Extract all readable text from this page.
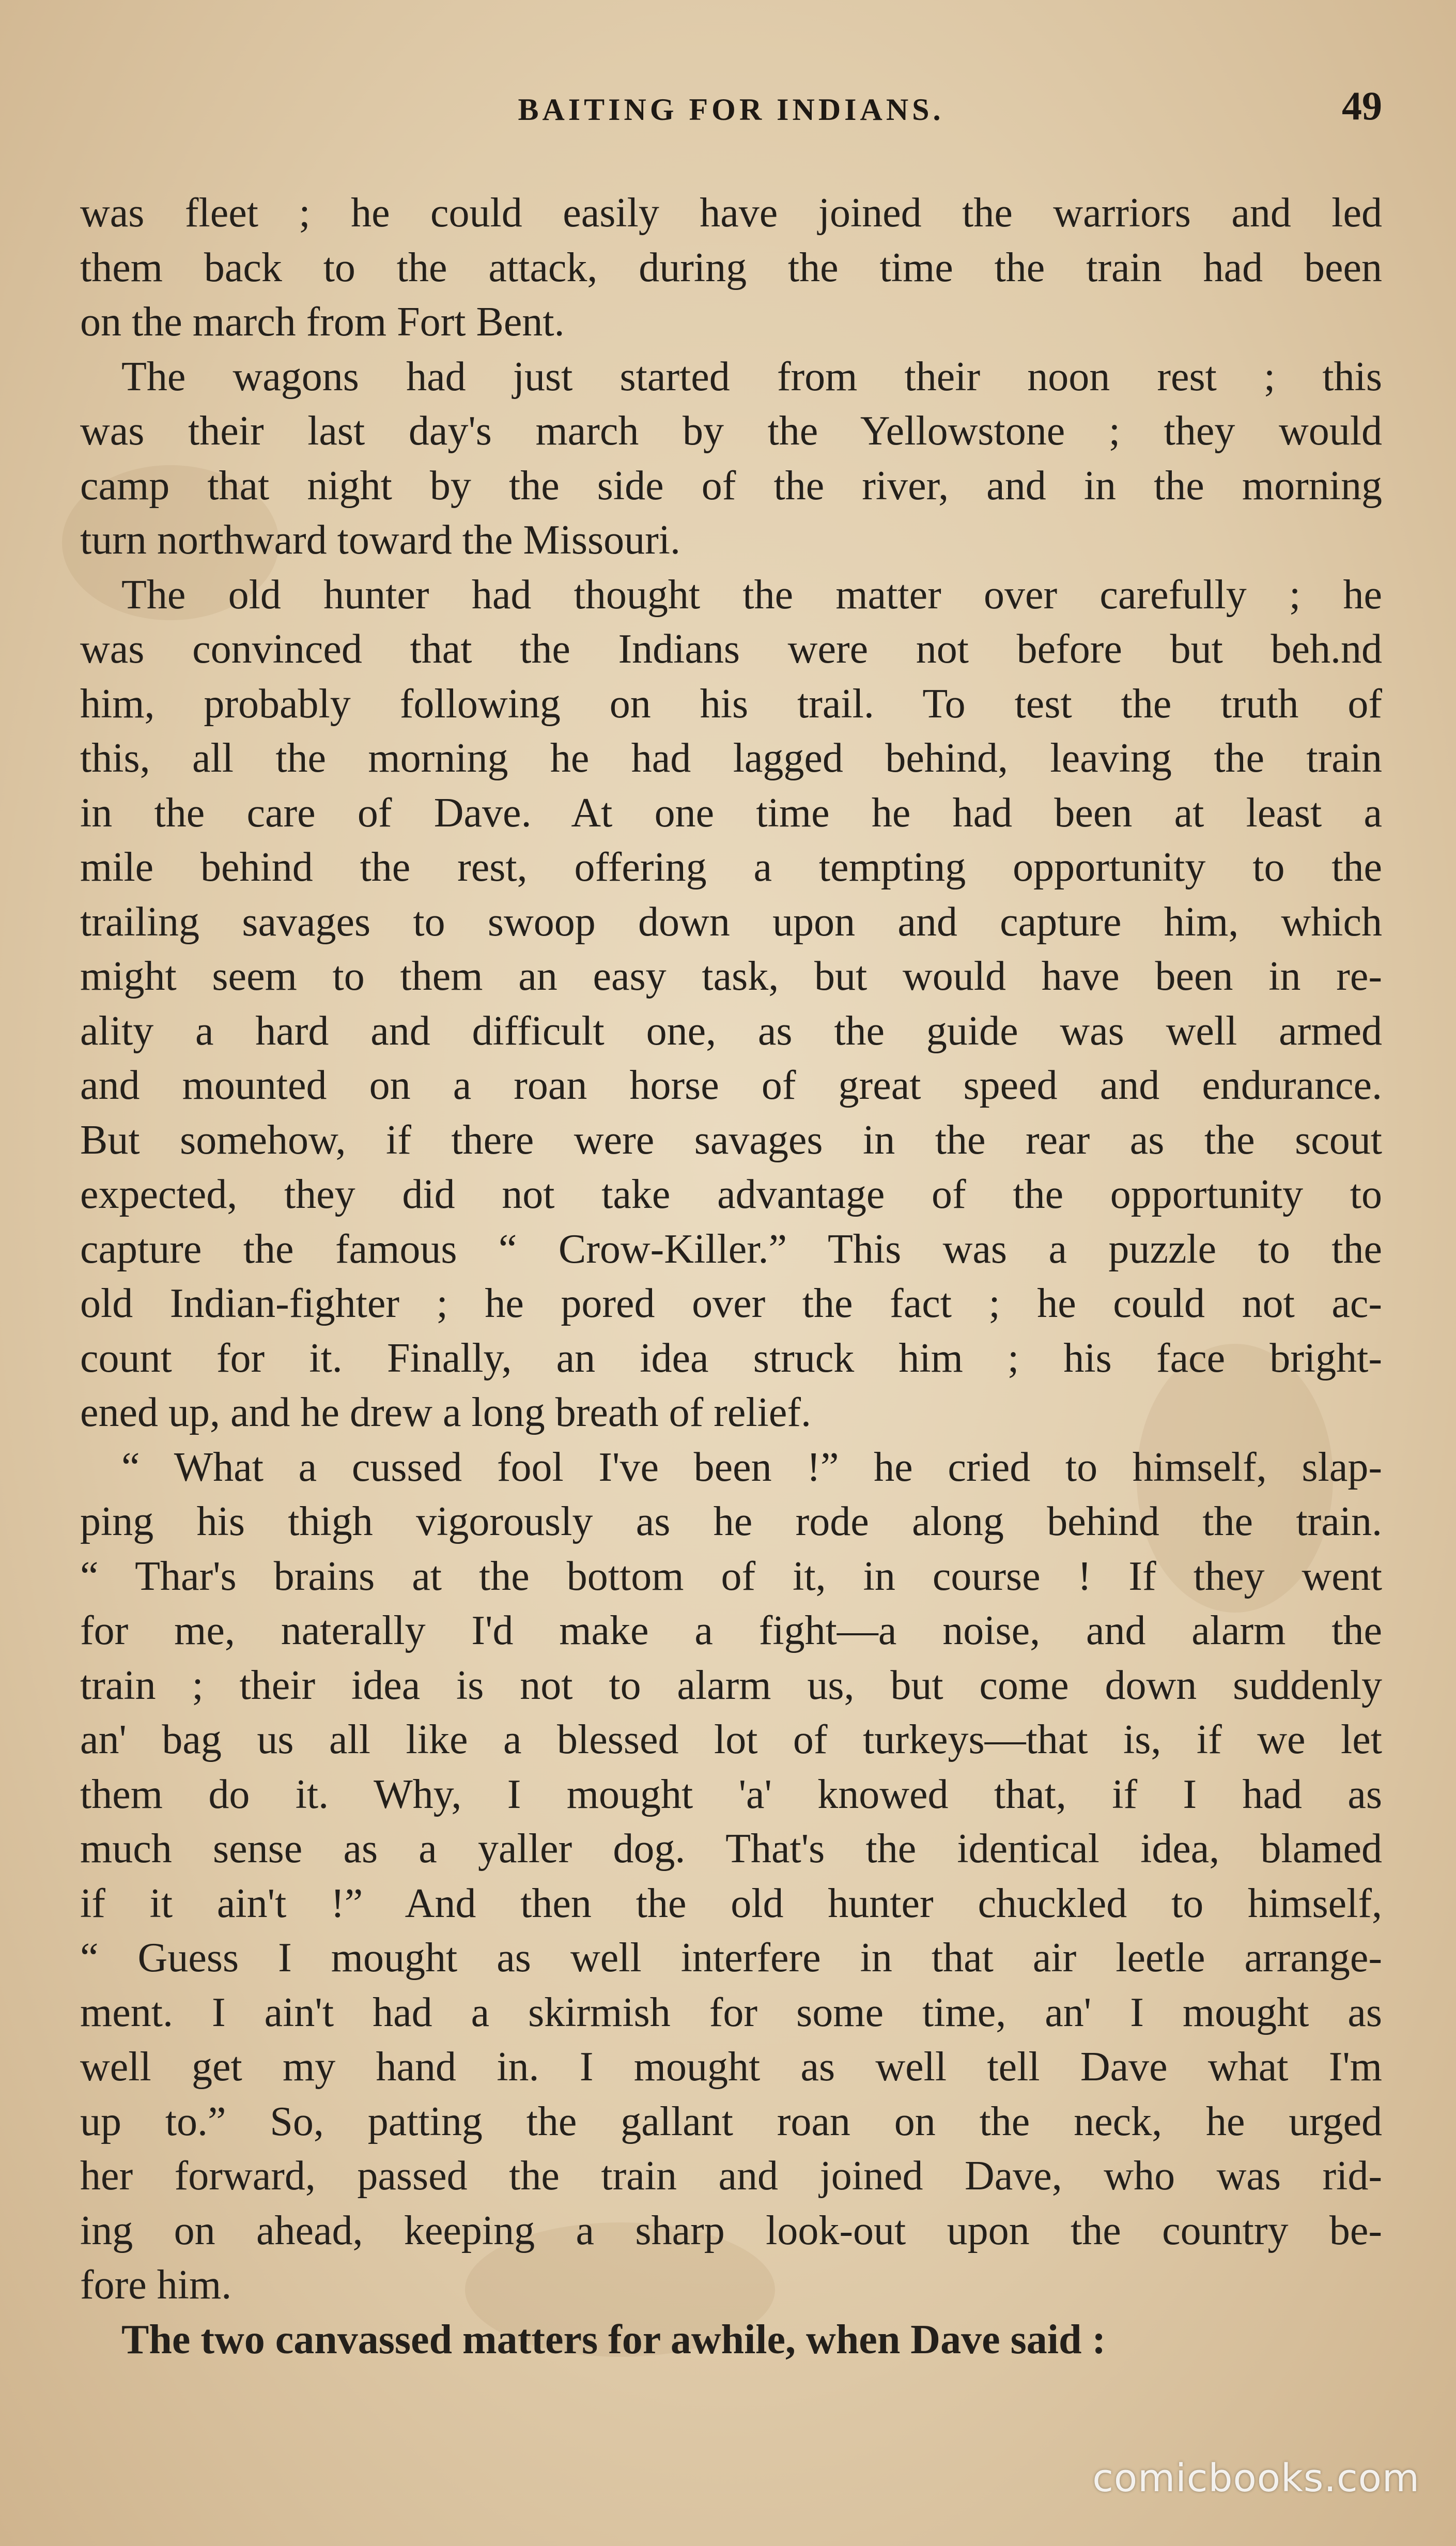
BAITING FOR INDIANS.	49
was fleet ; he could easily have joined the warriors and led
them back to the attack, during the time the train had been
on the march from Fort Bent.
The wagons had just started from their noon rest ; this
was their last day's march by the Yellowstone ; they would
camp that night by the side of the river, and in the morning
turn northward toward the Missouri.
The old hunter had thought the matter over carefully ; he
was convinced that the Indians were not before but beh.nd
him, probably following on his trail. To test the truth of
this, all the morning he had lagged behind, leaving the train
in the care of Dave. At one time he had been at least a
mile behind the rest, offering a tempting opportunity to the
trailing savages to swoop down upon and capture him, which
might seem to them an easy task, but would have been in re-
ality a hard and difficult one, as the guide was well armed
and mounted on a roan horse of great speed and endurance.
But somehow, if there were savages in the rear as the scout
expected, they did not take advantage of the opportunity to
capture the famous “ Crow-Killer.” This was a puzzle to the
old Indian-fighter ; he pored over the fact ; he could not ac-
count for it. Finally, an idea struck him ; his face bright-
ened up, and he drew a long breath of relief.
“ What a cussed fool I've been !” he cried to himself, slap-
ping his thigh vigorously as he rode along behind the train.
“ Thar's brains at the bottom of it, in course ! If they went
for me, naterally I'd make a fight—a noise, and alarm the
train ; their idea is not to alarm us, but come down suddenly
an' bag us all like a blessed lot of turkeys—that is, if we let
them do it. Why, I mought 'a' knowed that, if I had as
much sense as a yaller dog. That's the identical idea, blamed
if it ain't !” And then the old hunter chuckled to himself,
“ Guess I mought as well interfere in that air leetle arrange-
ment. I ain't had a skirmish for some time, an' I mought as
well get my hand in. I mought as well tell Dave what I'm
up to.” So, patting the gallant roan on the neck, he urged
her forward, passed the train and joined Dave, who was rid-
ing on ahead, keeping a sharp look-out upon the country be-
fore him.
The two canvassed matters for awhile, when Dave said :
comicbooks.com
